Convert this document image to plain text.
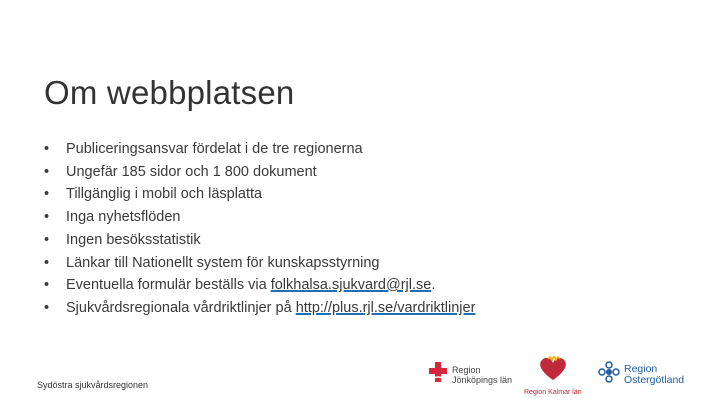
Om webbplatsen
• Publiceringsansvar fördelat i de tre regionerna
• Ungefär 185 sidor och 1 800 dokument
• Tillgänglig i mobil och läsplatta
• Inga nyhetsflöden
• Ingen besöksstatistik
• Länkar till Nationellt system för kunskapsstyrning
• Eventuella formulär beställs via folkhalsa.sjukvard@rjl.se.
• Sjukvårdsregionala vårdriktlinjer på http://plus.rjl.se/vardriktlinjer
Sydöstra sjukvårdsregionen
Region
Jönköpings län
Region Kalmar län
Region
Östergötland
